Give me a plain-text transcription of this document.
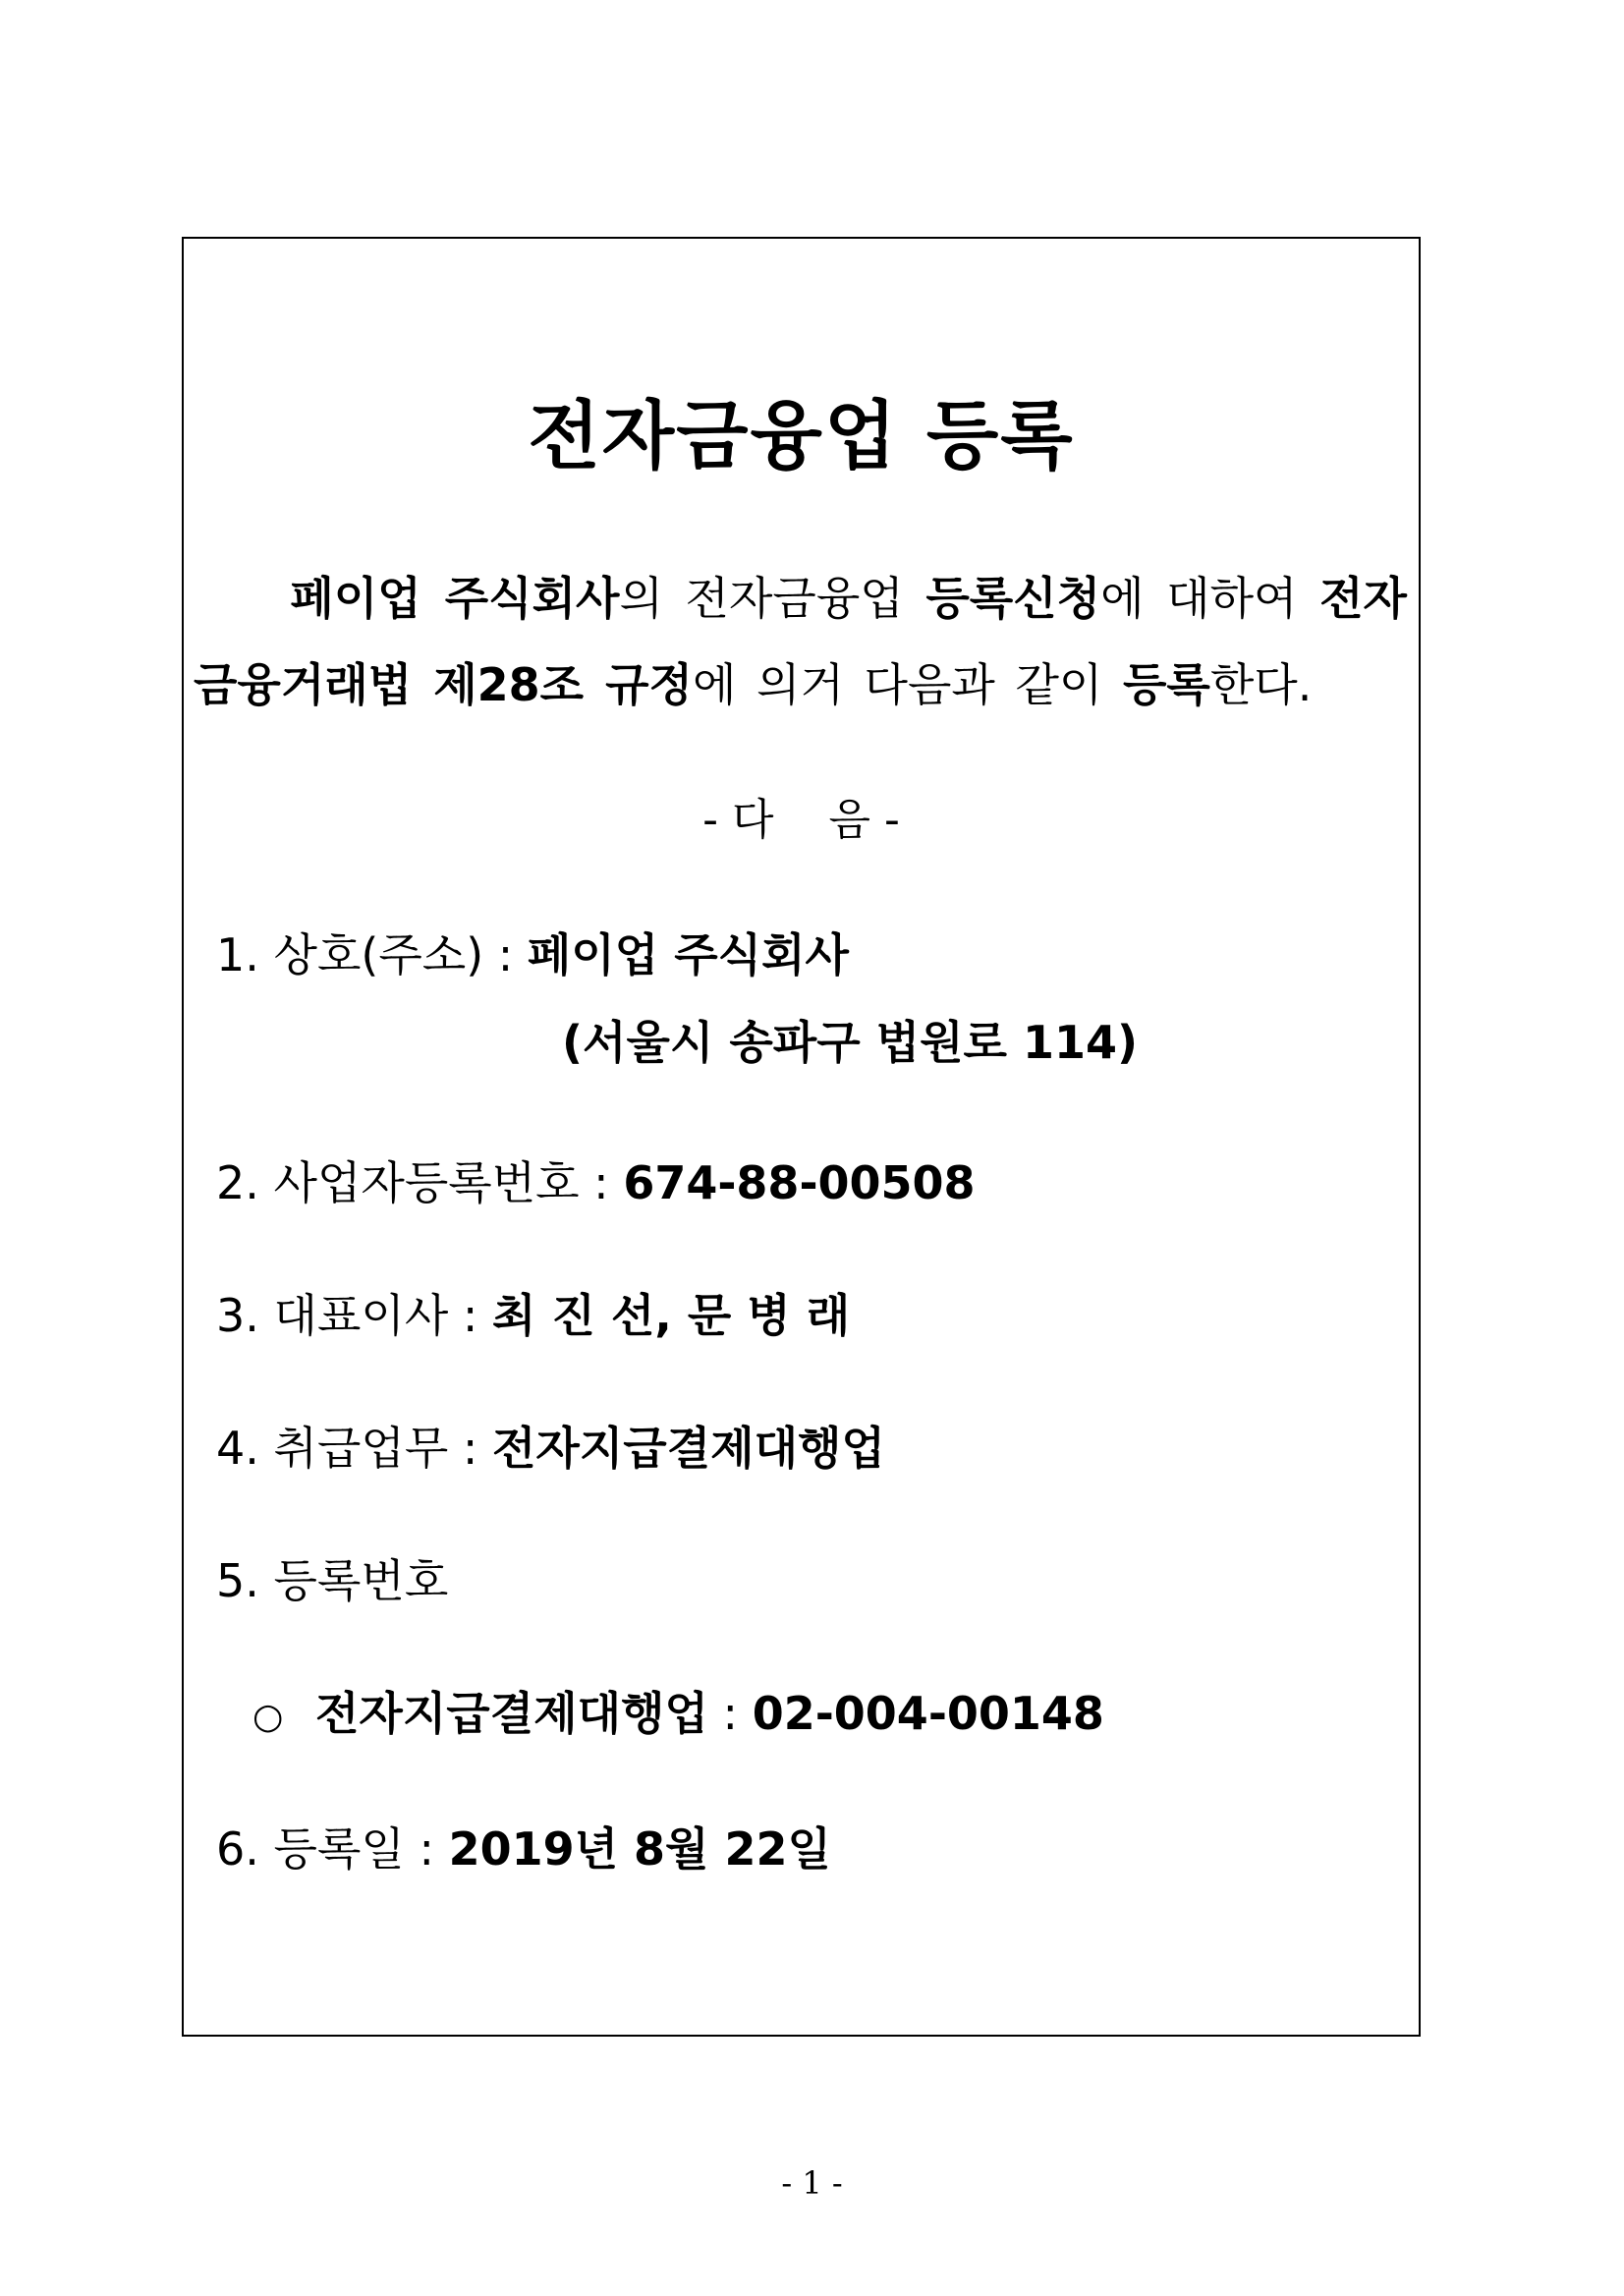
전자금융업 등록
페이업 주식회사의 전자금융업 등록신청에 대하여 전자
금융거래법 제28조 규정에 의거 다음과 같이 등록한다.
- 다    음 -
1. 상호(주소) : 페이업 주식회사
(서울시 송파구 법원로 114)
2. 사업자등록번호 : 674-88-00508
3. 대표이사 : 최 진 선, 문 병 래
4. 취급업무 : 전자지급결제대행업
5. 등록번호
○ 전자지급결제대행업 : 02-004-00148
6. 등록일 : 2019년 8월 22일
- 1 -
